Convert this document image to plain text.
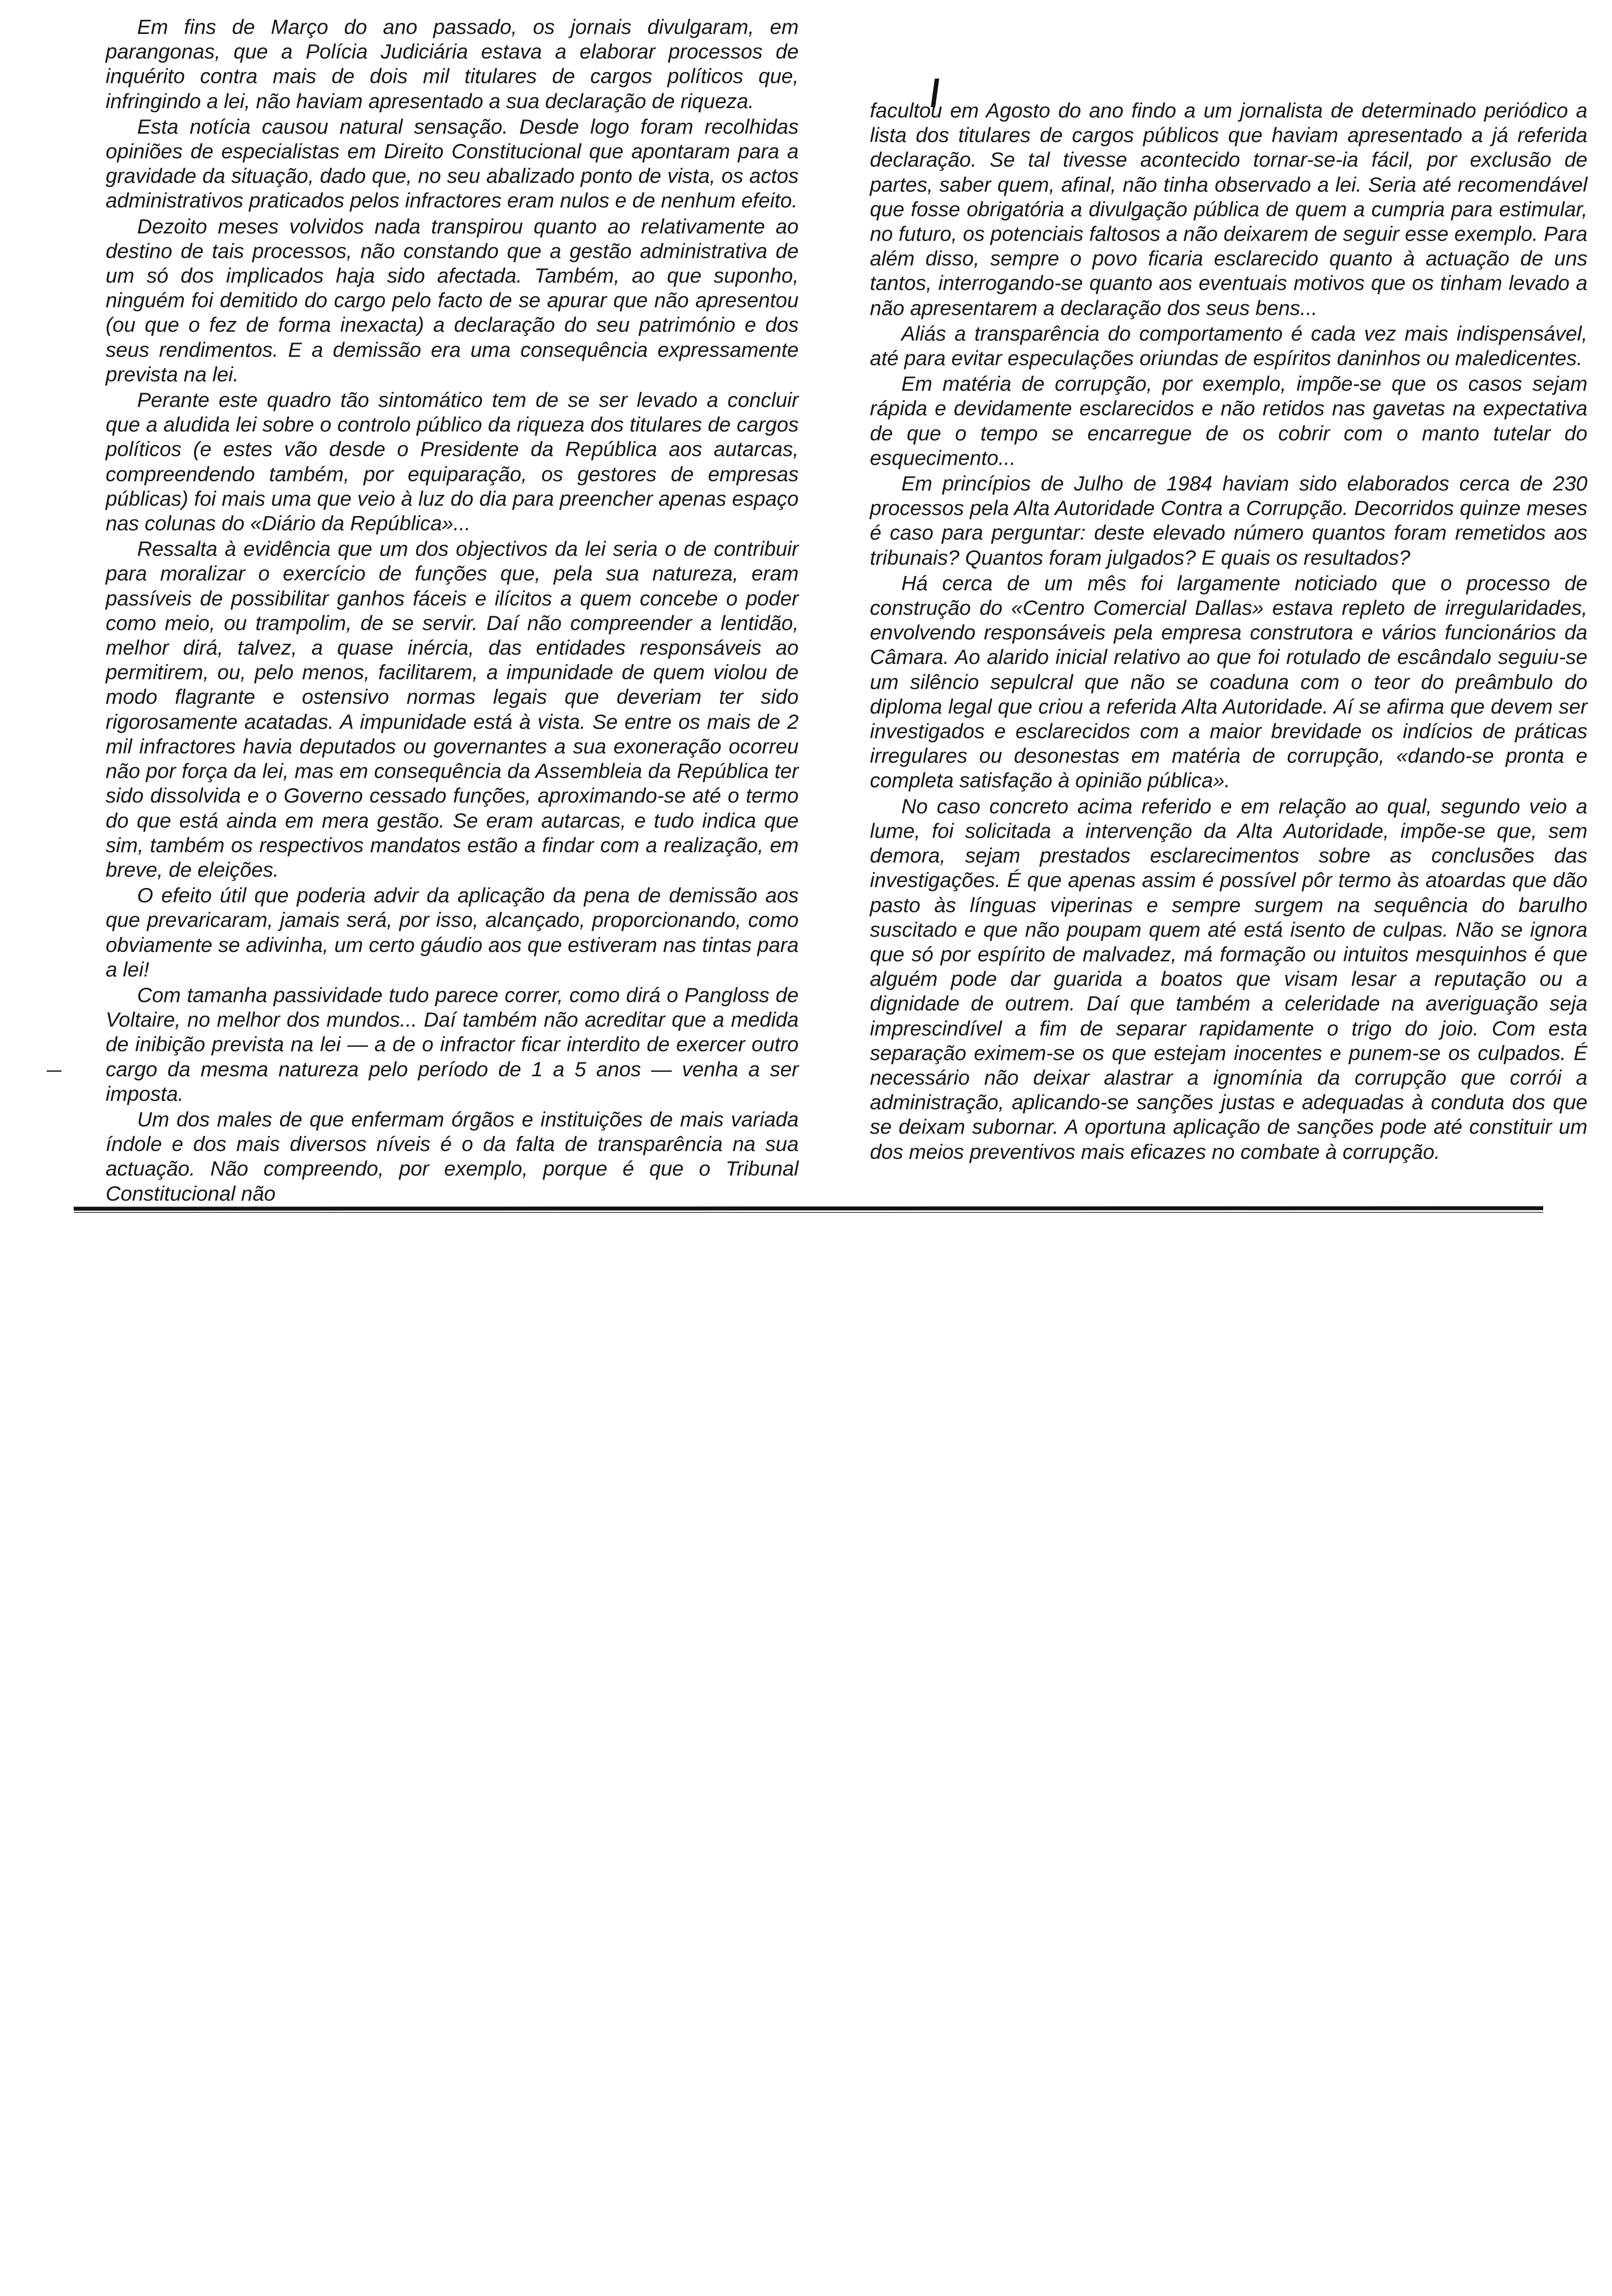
Em fins de Março do ano passado, os jornais divulgaram, em parangonas, que a Polícia Judiciária estava a elaborar processos de inquérito contra mais de dois mil titulares de cargos políticos que, infringindo a lei, não haviam apresentado a sua declaração de riqueza.

Esta notícia causou natural sensação. Desde logo foram recolhidas opiniões de especialistas em Direito Constitucional que apontaram para a gravidade da situação, dado que, no seu abalizado ponto de vista, os actos administrativos praticados pelos infractores eram nulos e de nenhum efeito.

Dezoito meses volvidos nada transpirou quanto ao relativamente ao destino de tais processos, não constando que a gestão administrativa de um só dos implicados haja sido afectada. Também, ao que suponho, ninguém foi demitido do cargo pelo facto de se apurar que não apresentou (ou que o fez de forma inexacta) a declaração do seu património e dos seus rendimentos. E a demissão era uma consequência expressamente prevista na lei.

Perante este quadro tão sintomático tem de se ser levado a concluir que a aludida lei sobre o controlo público da riqueza dos titulares de cargos políticos (e estes vão desde o Presidente da República aos autarcas, compreendendo também, por equiparação, os gestores de empresas públicas) foi mais uma que veio à luz do dia para preencher apenas espaço nas colunas do «Diário da República»...

Ressalta à evidência que um dos objectivos da lei seria o de contribuir para moralizar o exercício de funções que, pela sua natureza, eram passíveis de possibilitar ganhos fáceis e ilícitos a quem concebe o poder como meio, ou trampolim, de se servir. Daí não compreender a lentidão, melhor dirá, talvez, a quase inércia, das entidades responsáveis ao permitirem, ou, pelo menos, facilitarem, a impunidade de quem violou de modo flagrante e ostensivo normas legais que deveriam ter sido rigorosamente acatadas. A impunidade está à vista. Se entre os mais de 2 mil infractores havia deputados ou governantes a sua exoneração ocorreu não por força da lei, mas em consequência da Assembleia da República ter sido dissolvida e o Governo cessado funções, aproximando-se até o termo do que está ainda em mera gestão. Se eram autarcas, e tudo indica que sim, também os respectivos mandatos estão a findar com a realização, em breve, de eleições.

O efeito útil que poderia advir da aplicação da pena de demissão aos que prevaricaram, jamais será, por isso, alcançado, proporcionando, como obviamente se adivinha, um certo gáudio aos que estiveram nas tintas para a lei!

Com tamanha passividade tudo parece correr, como dirá o Pangloss de Voltaire, no melhor dos mundos... Daí também não acreditar que a medida de inibição prevista na lei — a de o infractor ficar interdito de exercer outro cargo da mesma natureza pelo período de 1 a 5 anos — venha a ser imposta.

Um dos males de que enfermam órgãos e instituições de mais variada índole e dos mais diversos níveis é o da falta de transparência na sua actuação. Não compreendo, por exemplo, porque é que o Tribunal Constitucional não

facultou em Agosto do ano findo a um jornalista de determinado periódico a lista dos titulares de cargos públicos que haviam apresentado a já referida declaração. Se tal tivesse acontecido tornar-se-ia fácil, por exclusão de partes, saber quem, afinal, não tinha observado a lei. Seria até recomendável que fosse obrigatória a divulgação pública de quem a cumpria para estimular, no futuro, os potenciais faltosos a não deixarem de seguir esse exemplo. Para além disso, sempre o povo ficaria esclarecido quanto à actuação de uns tantos, interrogando-se quanto aos eventuais motivos que os tinham levado a não apresentarem a declaração dos seus bens...

Aliás a transparência do comportamento é cada vez mais indispensável, até para evitar especulações oriundas de espíritos daninhos ou maledicentes.

Em matéria de corrupção, por exemplo, impõe-se que os casos sejam rápida e devidamente esclarecidos e não retidos nas gavetas na expectativa de que o tempo se encarregue de os cobrir com o manto tutelar do esquecimento...

Em princípios de Julho de 1984 haviam sido elaborados cerca de 230 processos pela Alta Autoridade Contra a Corrupção. Decorridos quinze meses é caso para perguntar: deste elevado número quantos foram remetidos aos tribunais? Quantos foram julgados? E quais os resultados?

Há cerca de um mês foi largamente noticiado que o processo de construção do «Centro Comercial Dallas» estava repleto de irregularidades, envolvendo responsáveis pela empresa construtora e vários funcionários da Câmara. Ao alarido inicial relativo ao que foi rotulado de escândalo seguiu-se um silêncio sepulcral que não se coaduna com o teor do preâmbulo do diploma legal que criou a referida Alta Autoridade. Aí se afirma que devem ser investigados e esclarecidos com a maior brevidade os indícios de práticas irregulares ou desonestas em matéria de corrupção, «dando-se pronta e completa satisfação à opinião pública».

No caso concreto acima referido e em relação ao qual, segundo veio a lume, foi solicitada a intervenção da Alta Autoridade, impõe-se que, sem demora, sejam prestados esclarecimentos sobre as conclusões das investigações. É que apenas assim é possível pôr termo às atoardas que dão pasto às línguas viperinas e sempre surgem na sequência do barulho suscitado e que não poupam quem até está isento de culpas. Não se ignora que só por espírito de malvadez, má formação ou intuitos mesquinhos é que alguém pode dar guarida a boatos que visam lesar a reputação ou a dignidade de outrem. Daí que também a celeridade na averiguação seja imprescindível a fim de separar rapidamente o trigo do joio. Com esta separação eximem-se os que estejam inocentes e punem-se os culpados. É necessário não deixar alastrar a ignomínia da corrupção que corrói a administração, aplicando-se sanções justas e adequadas à conduta dos que se deixam subornar. A oportuna aplicação de sanções pode até constituir um dos meios preventivos mais eficazes no combate à corrupção.
